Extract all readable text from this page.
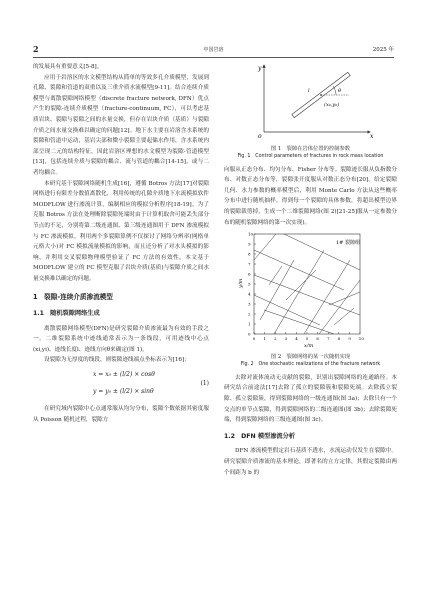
2	中国岩溶	2025 年

的发展具有重要意义[5-8]。

应用于岩溶区的水文模型结构从简单的等效多孔介质模型，发展到孔隙、裂隙和管道的双重以及三重介质水流模型[9-11]。结合连续介质模型与离散裂隙网络模型（discrete fracture network, DFN）优点产生的裂隙-连续介质模型（fracture-continuum, FC），可以考虑基质岩块、裂隙与裂隙之间的水量交换，但存在岩块介质（基质）与裂隙介质之间水量交换难以确定的问题[12]。地下水主要在岩溶含水系统的裂隙和管道中运动，基岩尖部和微小裂隙主要起储水作用，含水系统内部呈现二元的结构特征，因此岩溶区理想的水文模型为裂隙-管道模型[13]，包括连续介质与裂隙的耦合、流与管道的耦合[14-15]，或与二者均耦合。

本研究基于裂隙网络随机生成[16]，遵循 Botros 方法[17]对裂隙网格进行有限差分数值离散化，利用传统的孔隙介质地下水流模拟软件 MODFLOW 进行渗流计算，编制相应的模拟分析程序[18-19]。为了克服 Botros 方法在处理断除裂隙死端时由于计算机取舍可能丢失部分节点的不足，分别将第二级连通图、第三级连通图用于 DFN 渗流模拟与 FC 渗流模拟。利用两个多裂隙算例不仅探讨了网络分辨率(网格单元格大小)对 FC 模拟流量模拟的影响，而且还分析了对水头模拟的影响，并利用交叉裂隙物理模型验证了 FC 方法的有效性。本文基于 MODFLOW 建立的 FC 模型克服了岩块介质(基质)与裂隙介质之间水量交换难以确定的问题。

1　裂隙-连续介质渗流模型
1.1　随机裂隙网络生成

离散裂隙网络模型(DFN)是研究裂隙介质渗流最为有效的手段之一。二维裂隙系统中迹线通常表示为一条线段，可用迹线中心点(xi,yi)、迹线长度l、迹线方向θ来确定(图 1)。

设裂隙为无厚度的线段，则裂隙迹线端点坐标表示为[16]：

x = x₀ ± (l/2) × cosθ
y = y₀ ± (l/2) × sinθ
(1)

在研究域内裂隙中心点通常服从均匀分布，裂隙个数依据其密度服从 Poisson 随机过程，裂隙方

y
x
o
(x₀,y₀)
l	θ
图 1　裂隙在岩体位置的控制参数
Fig. 1　Control parameters of fractures in rock mass location

向服从正态分布、均匀分布、Fisher 分布等。裂隙迹长服从负指数分布、对数正态分布等，裂隙张开度服从对数正态分布[20]。给定裂隙几何、水力参数的概率模型后，利用 Monte Carlo 方法从这些概率分布中进行随机抽样，得到每一个裂隙的具体参数，将超出模型边界的裂隙裁剪掉，生成一个二维裂隙网络(图 2)[21-25]服从一定参数分布的随机裂隙网络的第一次实现)。

0 1 2 3 4 5 6 7 8 9 10
0
1
2
3
4
5
6
7
8
9
10
1# 裂隙组
y/m
x/m
图 2　裂隙网络的某一次随机实现
Fig. 2　One stochastic realizations of the fracture network

去除对流体流动无贡献的裂隙，识别出裂隙网络的连通路径。本研究结合前途法[17]去除了孤立的裂隙簇和裂隙死端。去除孤立裂隙、孤立裂隙簇，得到裂隙网络的一级连通图(图 3a)；去除只有一个交点的单节点裂隙，得到裂隙网络的二级连通图(图 3b)；去除裂隙死端，得到裂隙网络的三级连通图(图 3c)。

1.2　DFN 模型渗流分析

DFN 渗流模型假定岩石基质不透水，水流运动仅发生在裂隙中。研究裂隙介质渗流的基本理论，即著名的立方定律，其假定裂隙由两个间距为 b 的
